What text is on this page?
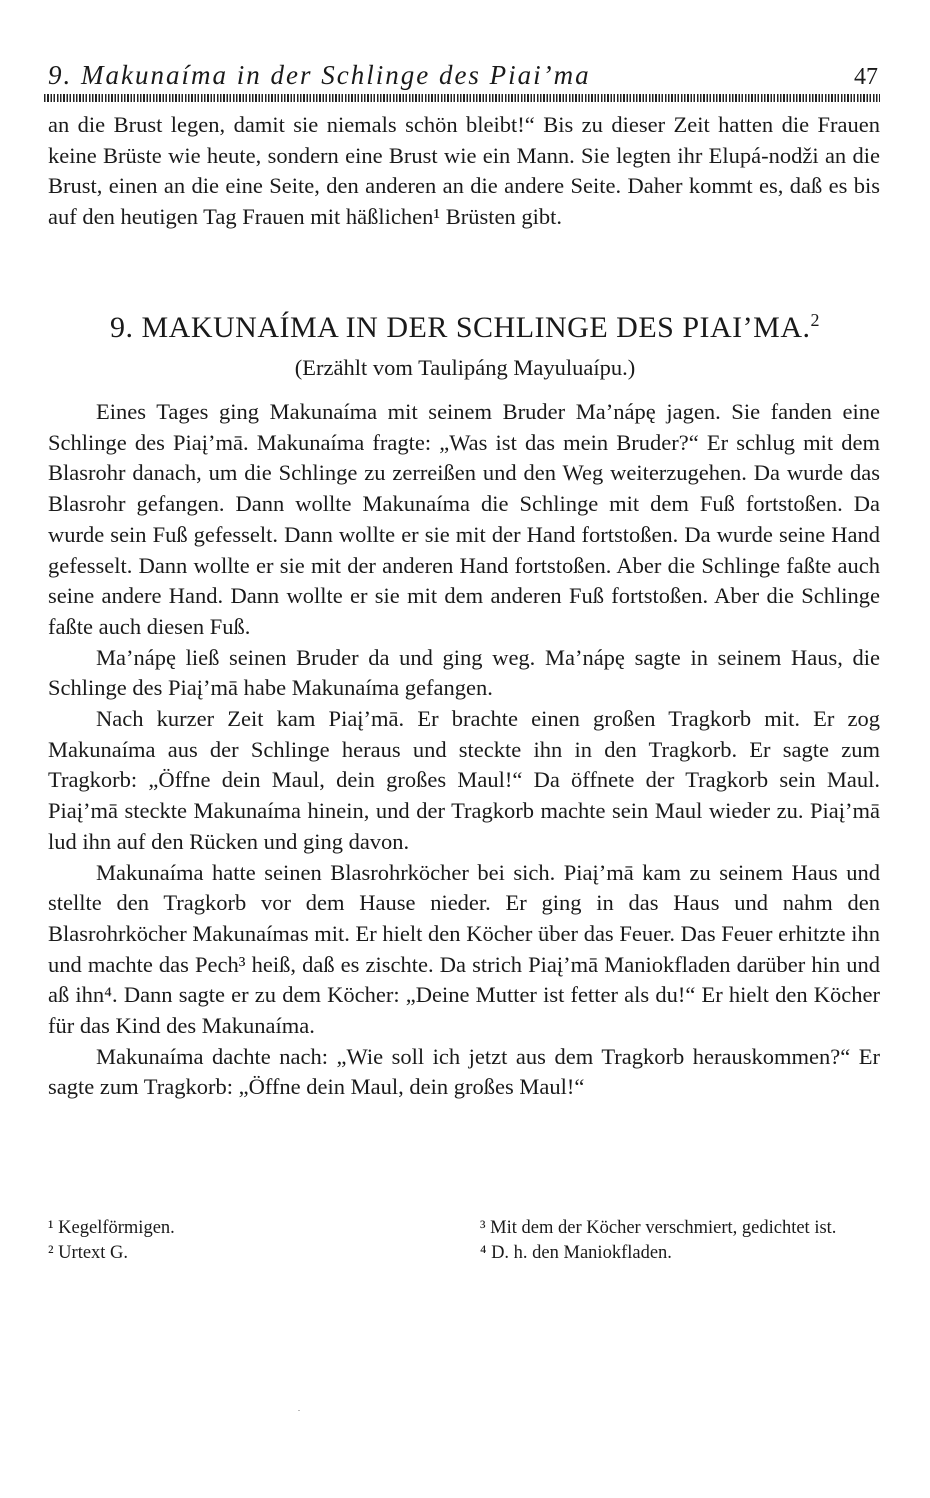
9. Makunaíma in der Schlinge des Piai’ma	47

an die Brust legen, damit sie niemals schön bleibt!“ Bis zu dieser Zeit hatten die Frauen keine Brüste wie heute, sondern eine Brust wie ein Mann. Sie legten ihr Elupá-nodži an die Brust, einen an die eine Seite, den anderen an die andere Seite. Daher kommt es, daß es bis auf den heutigen Tag Frauen mit häßlichen¹ Brüsten gibt.

9. MAKUNAÍMA IN DER SCHLINGE DES PIAI’MA.$^2$
(Erzählt vom Taulipáng Mayuluaípu.)

Eines Tages ging Makunaíma mit seinem Bruder Ma’nápę jagen. Sie fanden eine Schlinge des Piaį’mā. Makunaíma fragte: „Was ist das mein Bruder?“ Er schlug mit dem Blasrohr danach, um die Schlinge zu zerreißen und den Weg weiterzugehen. Da wurde das Blasrohr gefangen. Dann wollte Makunaíma die Schlinge mit dem Fuß fortstoßen. Da wurde sein Fuß gefesselt. Dann wollte er sie mit der Hand fortstoßen. Da wurde seine Hand gefesselt. Dann wollte er sie mit der anderen Hand fortstoßen. Aber die Schlinge faßte auch seine andere Hand. Dann wollte er sie mit dem anderen Fuß fortstoßen. Aber die Schlinge faßte auch diesen Fuß.

Ma’nápę ließ seinen Bruder da und ging weg. Ma’nápę sagte in seinem Haus, die Schlinge des Piaį’mā habe Makunaíma gefangen.

Nach kurzer Zeit kam Piaį’mā. Er brachte einen großen Tragkorb mit. Er zog Makunaíma aus der Schlinge heraus und steckte ihn in den Tragkorb. Er sagte zum Tragkorb: „Öffne dein Maul, dein großes Maul!“ Da öffnete der Tragkorb sein Maul. Piaį’mā steckte Makunaíma hinein, und der Tragkorb machte sein Maul wieder zu. Piaį’mā lud ihn auf den Rücken und ging davon.

Makunaíma hatte seinen Blasrohrköcher bei sich. Piaį’mā kam zu seinem Haus und stellte den Tragkorb vor dem Hause nieder. Er ging in das Haus und nahm den Blasrohrköcher Makunaímas mit. Er hielt den Köcher über das Feuer. Das Feuer erhitzte ihn und machte das Pech³ heiß, daß es zischte. Da strich Piaį’mā Maniokfladen darüber hin und aß ihn⁴. Dann sagte er zu dem Köcher: „Deine Mutter ist fetter als du!“ Er hielt den Köcher für das Kind des Makunaíma.

Makunaíma dachte nach: „Wie soll ich jetzt aus dem Tragkorb herauskommen?“ Er sagte zum Tragkorb: „Öffne dein Maul, dein großes Maul!“

¹ Kegelförmigen.

² Urtext G.

³ Mit dem der Köcher verschmiert, gedichtet ist.

⁴ D. h. den Maniokfladen.
